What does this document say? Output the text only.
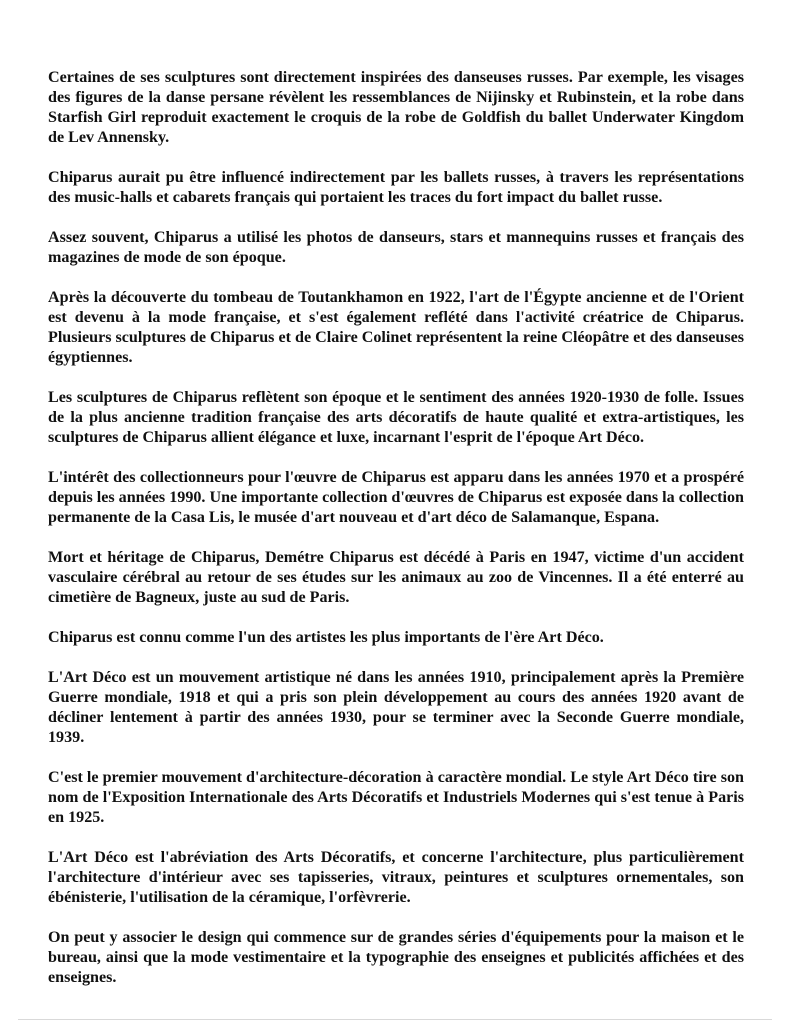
Certaines de ses sculptures sont directement inspirées des danseuses russes. Par exemple, les visages des figures de la danse persane révèlent les ressemblances de Nijinsky et Rubinstein, et la robe dans Starfish Girl reproduit exactement le croquis de la robe de Goldfish du ballet Underwater Kingdom de Lev Annensky.

Chiparus aurait pu être influencé indirectement par les ballets russes, à travers les représentations des music-halls et cabarets français qui portaient les traces du fort impact du ballet russe.

Assez souvent, Chiparus a utilisé les photos de danseurs, stars et mannequins russes et français des magazines de mode de son époque.

Après la découverte du tombeau de Toutankhamon en 1922, l'art de l'Égypte ancienne et de l'Orient est devenu à la mode française, et s'est également reflété dans l'activité créatrice de Chiparus. Plusieurs sculptures de Chiparus et de Claire Colinet représentent la reine Cléopâtre et des danseuses égyptiennes.

Les sculptures de Chiparus reflètent son époque et le sentiment des années 1920-1930 de folle. Issues de la plus ancienne tradition française des arts décoratifs de haute qualité et extra-artistiques, les sculptures de Chiparus allient élégance et luxe, incarnant l'esprit de l'époque Art Déco.

L'intérêt des collectionneurs pour l'œuvre de Chiparus est apparu dans les années 1970 et a prospéré depuis les années 1990. Une importante collection d'œuvres de Chiparus est exposée dans la collection permanente de la Casa Lis, le musée d'art nouveau et d'art déco de Salamanque, Espana.

Mort et héritage de Chiparus, Demétre Chiparus est décédé à Paris en 1947, victime d'un accident vasculaire cérébral au retour de ses études sur les animaux au zoo de Vincennes. Il a été enterré au cimetière de Bagneux, juste au sud de Paris.

Chiparus est connu comme l'un des artistes les plus importants de l'ère Art Déco.

L'Art Déco est un mouvement artistique né dans les années 1910, principalement après la Première Guerre mondiale, 1918 et qui a pris son plein développement au cours des années 1920 avant de décliner lentement à partir des années 1930, pour se terminer avec la Seconde Guerre mondiale, 1939.

C'est le premier mouvement d'architecture-décoration à caractère mondial. Le style Art Déco tire son nom de l'Exposition Internationale des Arts Décoratifs et Industriels Modernes qui s'est tenue à Paris en 1925.

L'Art Déco est l'abréviation des Arts Décoratifs, et concerne l'architecture, plus particulièrement l'architecture d'intérieur avec ses tapisseries, vitraux, peintures et sculptures ornementales, son ébénisterie, l'utilisation de la céramique, l'orfèvrerie.

On peut y associer le design qui commence sur de grandes séries d'équipements pour la maison et le bureau, ainsi que la mode vestimentaire et la typographie des enseignes et publicités affichées et des enseignes.
